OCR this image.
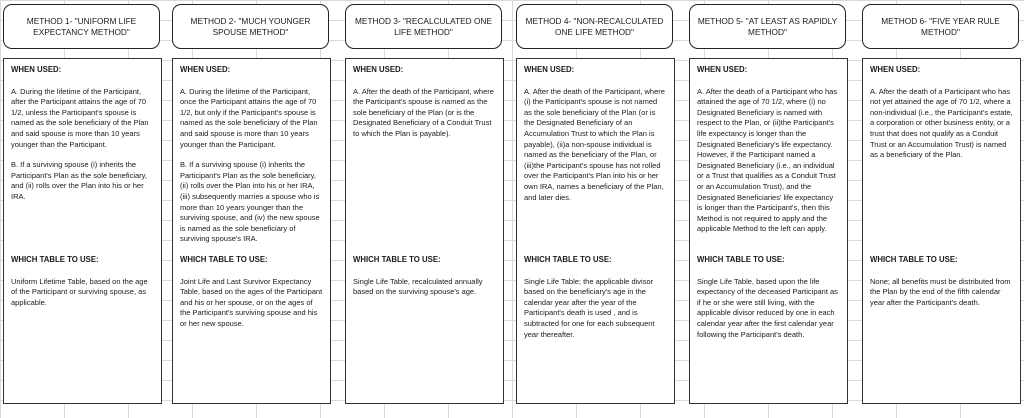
METHOD 1- "UNIFORM LIFE EXPECTANCY METHOD"
WHEN USED:

A. During the lifetime of the Participant, after the Participant attains the age of 70 1/2, unless the Participant's spouse is named as the sole beneficiary of the Plan and said spouse is more than 10 years younger than the Participant.

B. If a surviving spouse (i) inherits the Participant's Plan as the sole beneficiary, and (ii) rolls over the Plan into his or her IRA.

WHICH TABLE TO USE:
Uniform Lifetime Table, based on the age of the Participant or surviving spouse, as applicable.
METHOD 2- "MUCH YOUNGER SPOUSE METHOD"
WHEN USED:

A. During the lifetime of the Participant, once the Participant attains the age of 70 1/2, but only if the Participant's spouse is named as the sole beneficiary of the Plan and said spouse is more than 10 years younger than the Participant.

B. If a surviving spouse (i) inherits the Participant's Plan as the sole beneficiary, (ii) rolls over the Plan into his or her IRA, (iii) subsequently marries a spouse who is more than 10 years younger than the surviving spouse, and (iv) the new spouse is named as the sole beneficiary of surviving spouse's IRA.

WHICH TABLE TO USE:
Joint Life and Last Survivor Expectancy Table, based on the ages of the Participant and his or her spouse, or on the ages of the Participant's surviving spouse and his or her new spouse.
METHOD 3- "RECALCULATED ONE LIFE METHOD"
WHEN USED:

A. After the death of the Participant, where the Participant's spouse is named as the sole beneficiary of the Plan (or is the Designated Beneficiary of a Conduit Trust to which the Plan is payable).

WHICH TABLE TO USE:
Single Life Table, recalculated annually based on the surviving spouse's age.
METHOD 4- "NON-RECALCULATED ONE LIFE METHOD"
WHEN USED:

A. After the death of the Participant, where (i) the Participant's spouse is not named as the sole beneficiary of the Plan (or is the Designated Beneficiary of an Accumulation Trust to which the Plan is payable), (ii)a non-spouse individual is named as the beneficiary of the Plan, or (iii)the Participant's spouse has not rolled over the Participant's Plan into his or her own IRA, names a beneficiary of the Plan, and later dies.

WHICH TABLE TO USE:
Single Life Table; the applicable divisor based on the beneficiary's age in the calendar year after the year of the Participant's death is used , and is subtracted for one for each subsequent year thereafter.
METHOD 5- "AT LEAST AS RAPIDLY METHOD"
WHEN USED:

A. After the death of a Participant who has attained the age of 70 1/2, where (i) no Designated Beneficiary is named with respect to the Plan, or (ii)the Participant's life expectancy is longer than the Designated Beneficiary's life expectancy. However, if the Participant named a Designated Beneficiary (i.e., an individual or a Trust that qualifies as a Conduit Trust or an Accumulation Trust), and the Designated Beneficiaries' life expectancy is longer than the Participant's, then this Method is not required to apply and the applicable Method to the left can apply.

WHICH TABLE TO USE:
Single Life Table, based upon the life expectancy of the deceased Participant as if he or she were still living, with the applicable divisor reduced by one in each calendar year after the first calendar year following the Participant's death.
METHOD 6- "FIVE YEAR RULE METHOD"
WHEN USED:

A. After the death of a Participant who has not yet attained the age of 70 1/2, where a non-individual (i.e., the Participant's estate, a corporation or other business entity, or a trust that does not qualify as a Conduit Trust or an Accumulation Trust) is named as a beneficiary of the Plan.

WHICH TABLE TO USE:
None; all benefits must be distributed from the Plan by the end of the fifth calendar year after the Participant's death.
